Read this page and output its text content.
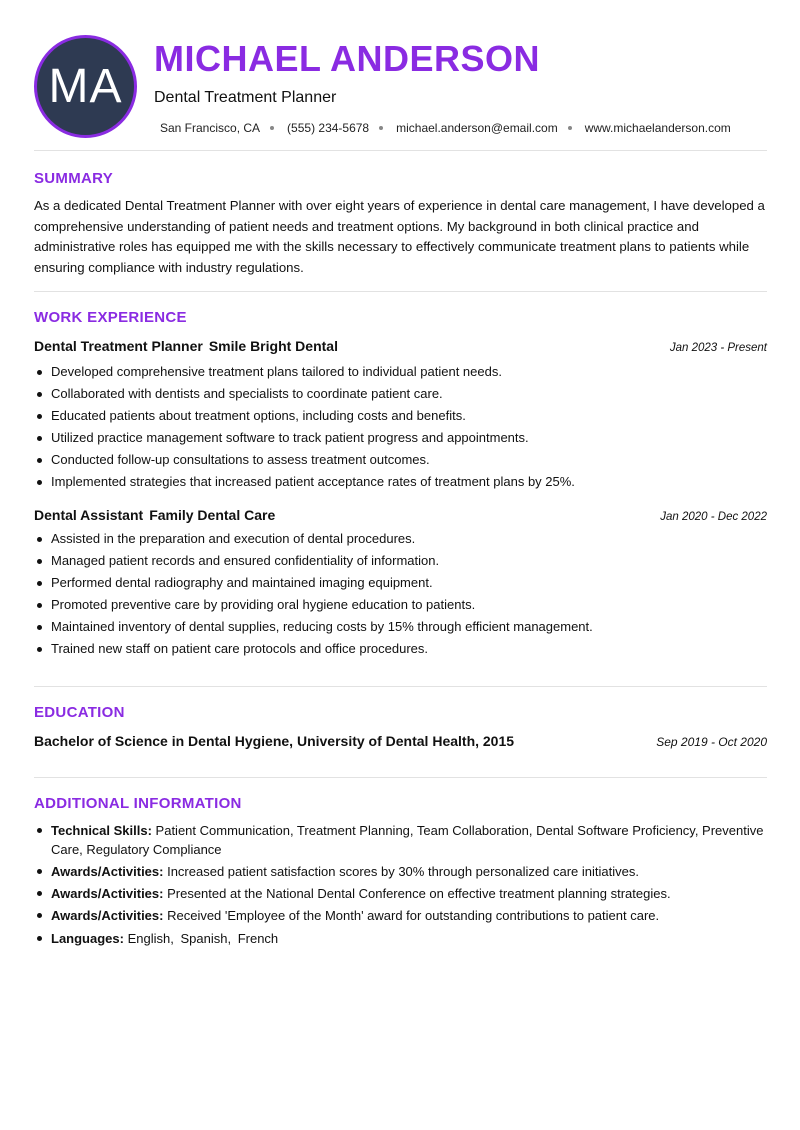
MA
MICHAEL ANDERSON
Dental Treatment Planner
San Francisco, CA (555) 234-5678 michael.anderson@email.com www.michaelanderson.com
SUMMARY

As a dedicated Dental Treatment Planner with over eight years of experience in dental care management, I have developed a comprehensive understanding of patient needs and treatment options. My background in both clinical practice and administrative roles has equipped me with the skills necessary to effectively communicate treatment plans to patients while ensuring compliance with industry regulations.

WORK EXPERIENCE
Dental Treatment Planner Smile Bright Dental	Jan 2023 - Present
Developed comprehensive treatment plans tailored to individual patient needs.
Collaborated with dentists and specialists to coordinate patient care.
Educated patients about treatment options, including costs and benefits.
Utilized practice management software to track patient progress and appointments.
Conducted follow-up consultations to assess treatment outcomes.
Implemented strategies that increased patient acceptance rates of treatment plans by 25%.
Dental Assistant Family Dental Care	Jan 2020 - Dec 2022
Assisted in the preparation and execution of dental procedures.
Managed patient records and ensured confidentiality of information.
Performed dental radiography and maintained imaging equipment.
Promoted preventive care by providing oral hygiene education to patients.
Maintained inventory of dental supplies, reducing costs by 15% through efficient management.
Trained new staff on patient care protocols and office procedures.
EDUCATION
Bachelor of Science in Dental Hygiene, University of Dental Health, 2015	Sep 2019 - Oct 2020
ADDITIONAL INFORMATION
Technical Skills: Patient Communication, Treatment Planning, Team Collaboration, Dental Software Proficiency, Preventive Care, Regulatory Compliance
Awards/Activities: Increased patient satisfaction scores by 30% through personalized care initiatives.
Awards/Activities: Presented at the National Dental Conference on effective treatment planning strategies.
Awards/Activities: Received 'Employee of the Month' award for outstanding contributions to patient care.
Languages: English, Spanish, French
